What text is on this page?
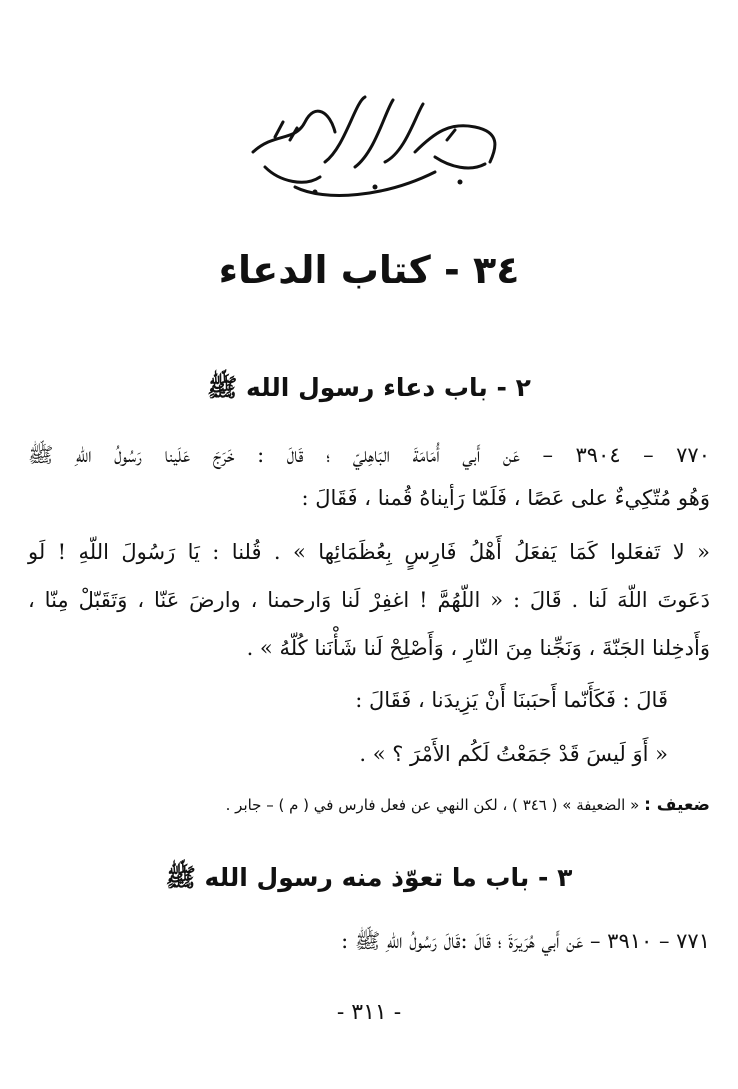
٣٤ - كتاب الدعاء
٢ - باب دعاء رسول الله ﷺ
٧٧٠ – ٣٩٠٤ – عَن أَبي أُمَامَةَ البَاهِليّ ؛ قَالَ : خَرَجَ عَلَينا رَسُولُ اللّهِ ﷺ
وَهُو مُتّكِيءٌ على عَصًا ، فَلَمّا رَأيناهُ قُمنا ، فَقَالَ :
« لا تَفعَلوا كَمَا يَفعَلُ أَهْلُ فَارِسٍ بِعُظَمَائِها » . قُلنا : يَا رَسُولَ اللّهِ ! لَو
دَعَوتَ اللّهَ لَنا . قَالَ : « اللّهُمَّ ! اغفِرْ لَنا وَارحمنا ، وارضَ عَنّا ، وَتَقَبّلْ مِنّا ،
وَأَدخِلنا الجَنّةَ ، وَنَجِّنا مِنَ النّارِ ، وَأَصْلِحْ لَنا شَأْنَنا كُلّهُ » .
قَالَ : فَكَأَنّما أَحبَبنَا أَنْ يَزِيدَنا ، فَقَالَ :
« أَوَ لَيسَ قَدْ جَمَعْتُ لَكُم الأَمْرَ ؟ » .
ضعيف : « الضعيفة » ( ٣٤٦ ) ، لكن النهي عن فعل فارس في ( م ) – جابر .
٣ - باب ما تعوّذ منه رسول الله ﷺ
٧٧١ – ٣٩١٠ – عَن أَبي هُرَيرَةَ ؛ قَالَ :قَالَ رَسُولُ اللّهِ ﷺ :
- ٣١١ -
